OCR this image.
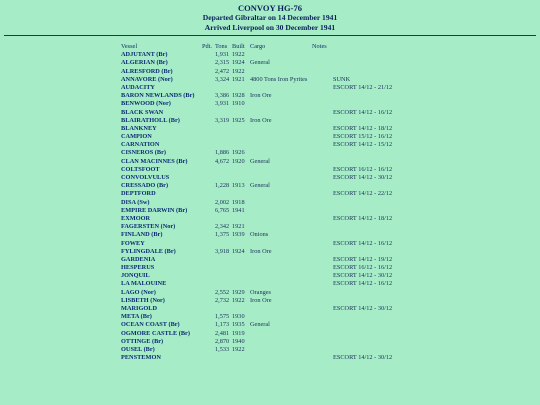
CONVOY HG-76
Departed Gibraltar on 14 December 1941
Arrived Liverpool on 30 December 1941
Vessel	Pdt. Tons Built Cargo	Notes
ADJUTANT (Br)	1,931 1922
ALGERIAN (Br)	2,315 1924 General
ALRESFORD (Br)	2,472 1922
ANNAVORE (Nor)	3,324 1921 4800 Tons Iron Pyrites	SUNK
AUDACITY	ESCORT 14/12 - 21/12
BARON NEWLANDS (Br)	3,386 1928 Iron Ore
BENWOOD (Nor)	3,931 1910
BLACK SWAN	ESCORT 14/12 - 16/12
BLAIRATHOLL (Br)	3,319 1925 Iron Ore
BLANKNEY	ESCORT 14/12 - 18/12
CAMPION	ESCORT 15/12 - 16/12
CARNATION	ESCORT 14/12 - 15/12
CISNEROS (Br)	1,886 1926
CLAN MACINNES (Br)	4,672 1920 General
COLTSFOOT	ESCORT 16/12 - 16/12
CONVOLVULUS	ESCORT 14/12 - 30/12
CRESSADO (Br)	1,228 1913 General
DEPTFORD	ESCORT 14/12 - 22/12
DISA (Sw)	2,002 1918
EMPIRE DARWIN (Br)	6,765 1941
EXMOOR	ESCORT 14/12 - 18/12
FAGERSTEN (Nor)	2,342 1921
FINLAND (Br)	1,375 1939 Onions
FOWEY	ESCORT 14/12 - 16/12
FYLINGDALE (Br)	3,918 1924 Iron Ore
GARDENIA	ESCORT 14/12 - 19/12
HESPERUS	ESCORT 16/12 - 16/12
JONQUIL	ESCORT 14/12 - 30/12
LA MALOUINE	ESCORT 14/12 - 16/12
LAGO (Nor)	2,552 1929 Oranges
LISBETH (Nor)	2,732 1922 Iron Ore
MARIGOLD	ESCORT 14/12 - 30/12
META (Br)	1,575 1930
OCEAN COAST (Br)	1,173 1935 General
OGMORE CASTLE (Br)	2,481 1919
OTTINGE (Br)	2,870 1940
OUSEL (Br)	1,533 1922
PENSTEMON	ESCORT 14/12 - 30/12
